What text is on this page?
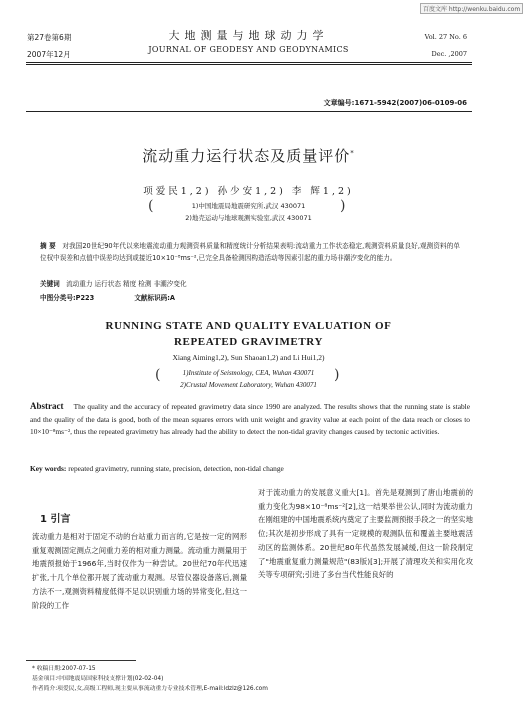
百度文库 http://wenku.baidu.com
第27卷第6期
2007年12月
大地测量与地球动力学
JOURNAL OF GEODESY AND GEODYNAMICS
Vol. 27 No. 6
Dec. ,2007
文章编号:1671-5942(2007)06-0109-06
流动重力运行状态及质量评价*
项爱民1,2) 孙少安1,2) 李 辉1,2)
(	1)中国地震局地震研究所,武汉 430071
2)地壳运动与地球观测实验室,武汉 430071
)
摘 要 对我国20世纪90年代以来地震流动重力观测资料质量和精度统计分析结果表明:流动重力工作状态稳定,观测资料质量良好,观测资料的单位权中误差和点值中误差均达到或接近10×10⁻⁸ms⁻²,已完全具备检测因构造活动等因素引起的重力场非潮汐变化的能力。
关键词 流动重力 运行状态 精度 检测 非潮汐变化
中图分类号:P223	文献标识码:A
RUNNING STATE AND QUALITY EVALUATION OF
REPEATED GRAVIMETRY
Xiang Aiming1,2), Sun Shaoan1,2) and Li Hui1,2)
(	1)Institute of Seismology, CEA, Wuhan 430071
2)Crustal Movement Laboratory, Wuhan 430071
)
Abstract The quality and the accuracy of repeated gravimetry data since 1990 are analyzed. The results shows that the running state is stable and the quality of the data is good, both of the mean squares errors with unit weight and gravity value at each point of the data reach or closes to 10×10⁻⁸ms⁻², thus the repeated gravimetry has already had the ability to detect the non-tidal gravity changes caused by tectonic activities.
Key words: repeated gravimetry, running state, precision, detection, non-tidal change
1 引言
流动重力是相对于固定不动的台站重力而言的,它是按一定的网形重复观测固定测点之间重力差的相对重力测量。流动重力测量用于地震预报始于1966年,当时仅作为一种尝试。20世纪70年代迅速扩张,十几个单位都开展了流动重力观测。尽管仪器设备落后,测量方法不一,观测资料精度低得不足以识别重力场的异常变化,但这一阶段的工作
对于流动重力的发展意义重大[1]。首先是观测到了唐山地震前的重力变化为98×10⁻⁸ms⁻²[2],这一结果举世公认,同时为流动重力在刚组建的中国地震系统内奠定了主要监测预报手段之一的坚实地位;其次是初步形成了具有一定规模的观测队伍和覆盖主要地震活动区的监测体系。20世纪80年代虽然发展减缓,但这一阶段制定了"地震重复重力测量规范"(83版)[3];开展了清理攻关和实用化攻关等专项研究;引进了多台当代性能良好的
* 收稿日期:2007-07-15
基金项目:中国地震局国家科技支撑计划(02-02-04)
作者简介:项爱民,女,高级工程师,现主要从事流动重力专业技术管理,E-mail:ldzlz@126.com
